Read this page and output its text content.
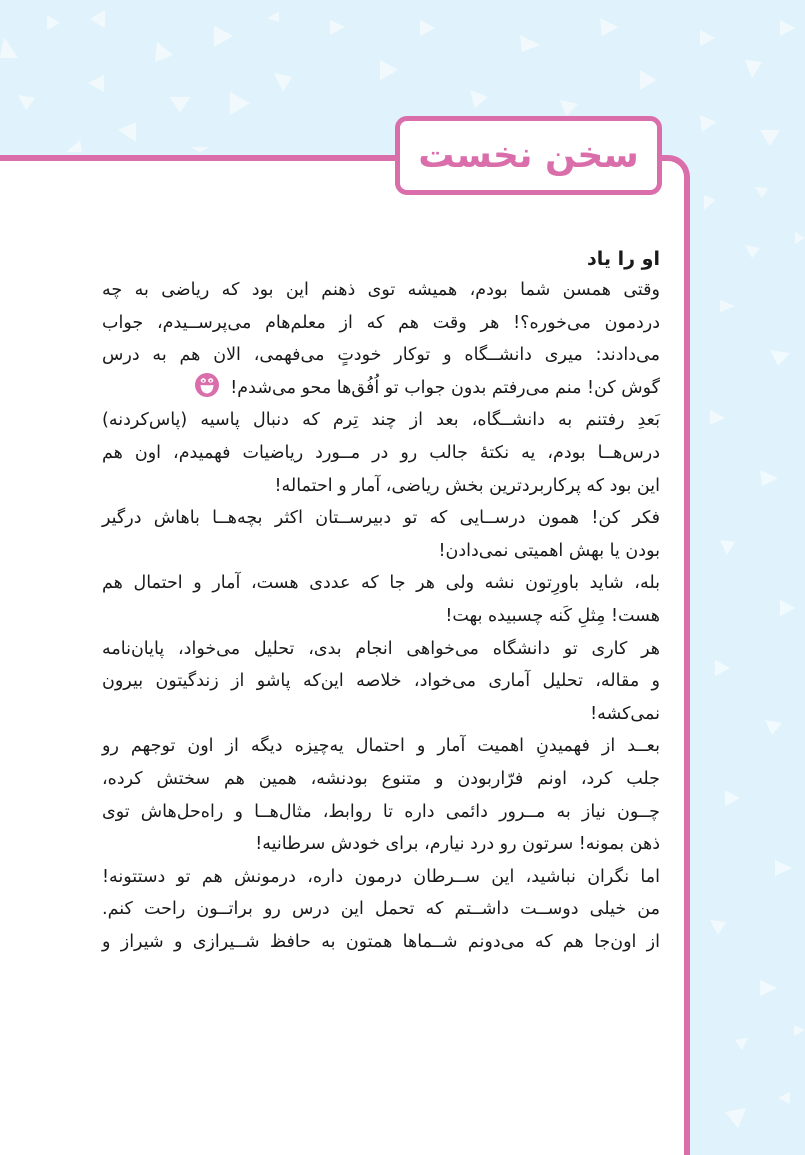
سخن نخست
او را یاد
وقتی همسن شما بودم، همیشه توی ذهنم این بود که ریاضی به چه
دردمون می‌خوره؟! هر وقت هم که از معلم‌هام می‌پرســیدم، جواب
می‌دادند: میری دانشــگاه و توکار خودتٍ می‌فهمی، الان هم به درس
گوش کن! منم می‌رفتم بدون جواب تو اُفُق‌ها محو می‌شدم!
بَعدِ رفتنم به دانشــگاه، بعد از چند تِرم که دنبال پاسیه (پاس‌کردنه)
درس‌هــا بودم، یه نکتهٔ جالب رو در مــورد ریاضیات فهمیدم، اون هم
این بود که پرکاربردترین بخش ریاضی، آمار و احتماله!
فکر کن! همون درســایی که تو دبیرســتان اکثر بچه‌هــا باهاش درگیر
بودن یا بهش اهمیتی نمی‌دادن!
بله، شاید باورِتون نشه ولی هر جا که عددی هست، آمار و احتمال هم
هست! مِثلِ کَنه چسبیده بهت!
هر کاری تو دانشگاه می‌خواهی انجام بدی، تحلیل می‌خواد، پایان‌نامه
و مقاله، تحلیل آماری می‌خواد، خلاصه این‌که پاشو از زندگیتون بیرون
نمی‌کشه!
بعــد از فهمیدنِ اهمیت آمار و احتمال یه‌چیزه دیگه از اون توجهم رو
جلب کرد، اونم فرّاربودن و متنوع بودنشه، همین هم سختش کرده،
چــون نیاز به مــرور دائمی داره تا روابط، مثال‌هــا و راه‌حل‌هاش توی
ذهن بمونه! سرتون رو درد نیارم، برای خودش سرطانیه!
اما نگران نباشید، این ســرطان درمون داره، درمونش هم تو دستتونه!
من خیلی دوســت داشــتم که تحمل این درس رو براتــون راحت کنم.
از اون‌جا هم که می‌دونم شــماها همتون به حافظ شــیرازی و شیراز و
